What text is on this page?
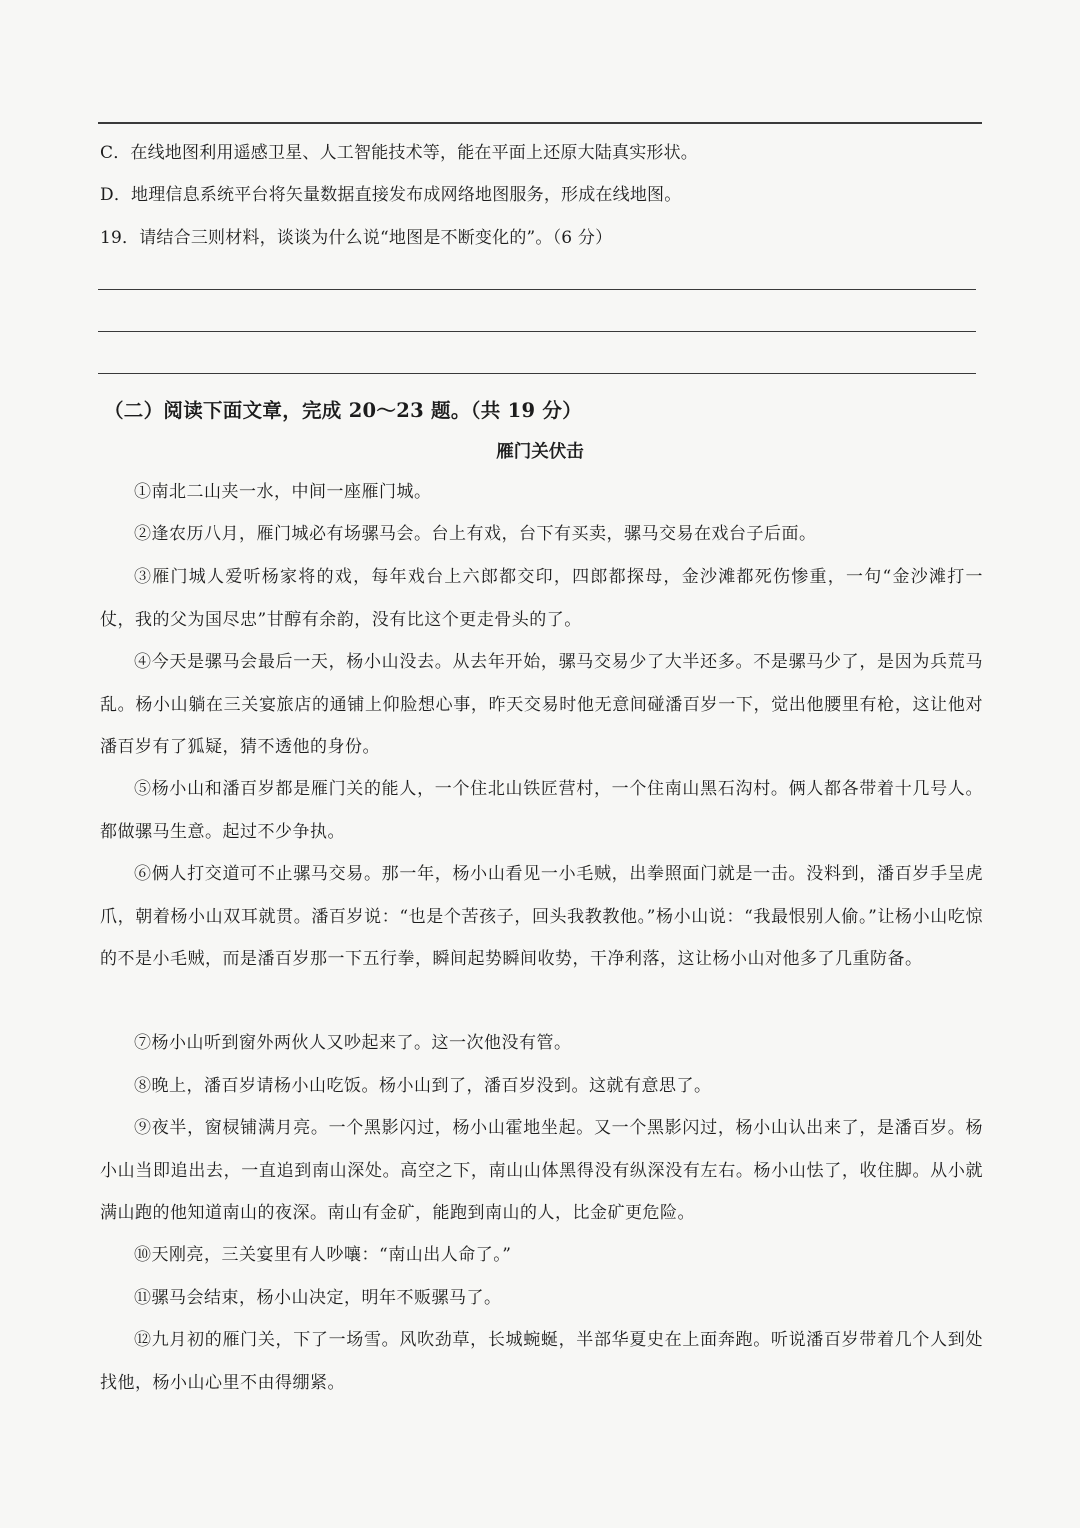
C．在线地图利用遥感卫星、人工智能技术等，能在平面上还原大陆真实形状。
D．地理信息系统平台将矢量数据直接发布成网络地图服务，形成在线地图。
19．请结合三则材料，谈谈为什么说“地图是不断变化的”。（6 分）
（二）阅读下面文章，完成 20～23 题。（共 19 分）
雁门关伏击
①南北二山夹一水，中间一座雁门城。
②逢农历八月，雁门城必有场骡马会。台上有戏，台下有买卖，骡马交易在戏台子后面。
③雁门城人爱听杨家将的戏，每年戏台上六郎都交印，四郎都探母，金沙滩都死伤惨重，一句“金沙滩打一仗，我的父为国尽忠”甘醇有余韵，没有比这个更走骨头的了。
④今天是骡马会最后一天，杨小山没去。从去年开始，骡马交易少了大半还多。不是骡马少了，是因为兵荒马乱。杨小山躺在三关宴旅店的通铺上仰脸想心事，昨天交易时他无意间碰潘百岁一下，觉出他腰里有枪，这让他对潘百岁有了狐疑，猜不透他的身份。
⑤杨小山和潘百岁都是雁门关的能人，一个住北山铁匠营村，一个住南山黑石沟村。俩人都各带着十几号人。都做骡马生意。起过不少争执。
⑥俩人打交道可不止骡马交易。那一年，杨小山看见一小毛贼，出拳照面门就是一击。没料到，潘百岁手呈虎爪，朝着杨小山双耳就贯。潘百岁说：“也是个苦孩子，回头我教教他。”杨小山说：“我最恨别人偷。”让杨小山吃惊的不是小毛贼，而是潘百岁那一下五行拳，瞬间起势瞬间收势，干净利落，这让杨小山对他多了几重防备。
⑦杨小山听到窗外两伙人又吵起来了。这一次他没有管。
⑧晚上，潘百岁请杨小山吃饭。杨小山到了，潘百岁没到。这就有意思了。
⑨夜半，窗棂铺满月亮。一个黑影闪过，杨小山霍地坐起。又一个黑影闪过，杨小山认出来了，是潘百岁。杨小山当即追出去，一直追到南山深处。高空之下，南山山体黑得没有纵深没有左右。杨小山怯了，收住脚。从小就满山跑的他知道南山的夜深。南山有金矿，能跑到南山的人，比金矿更危险。
⑩天刚亮，三关宴里有人吵嚷：“南山出人命了。”
⑪骡马会结束，杨小山决定，明年不贩骡马了。
⑫九月初的雁门关，下了一场雪。风吹劲草，长城蜿蜒，半部华夏史在上面奔跑。听说潘百岁带着几个人到处找他，杨小山心里不由得绷紧。
